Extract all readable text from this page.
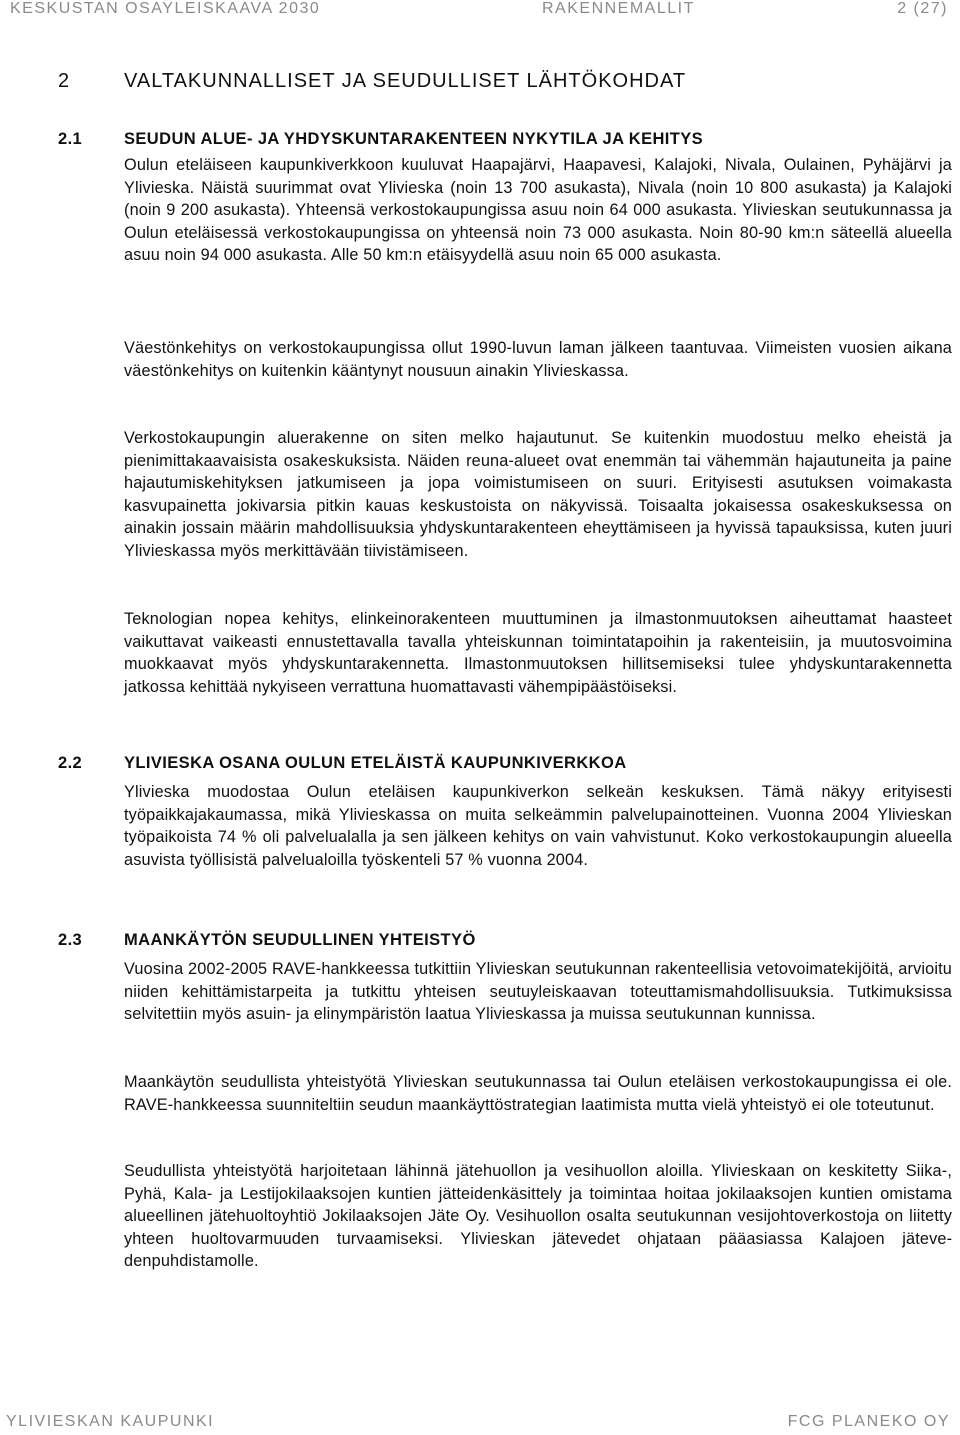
KESKUSTAN OSAYLEISKAAVA 2030	RAKENNEMALLIT	2 (27)
2	VALTAKUNNALLISET JA SEUDULLISET LÄHTÖKOHDAT
2.1	SEUDUN ALUE- JA YHDYSKUNTARAKENTEEN NYKYTILA JA KEHITYS

Oulun eteläiseen kaupunkiverkkoon kuuluvat Haapajärvi, Haapavesi, Kalajoki, Nivala, Oulainen, Pyhäjärvi ja Ylivieska. Näistä suurimmat ovat Ylivieska (noin 13 700 asukasta), Nivala (noin 10 800 asukasta) ja Kalajoki (noin 9 200 asukasta). Yhteensä verkostokaupungissa asuu noin 64 000 asukasta. Ylivieskan seutukunnassa ja Oulun eteläisessä verkostokaupungissa on yhteensä noin 73 000 asukasta. Noin 80-90 km:n säteellä alueella asuu noin 94 000 asukasta. Alle 50 km:n etäisyydellä asuu noin 65 000 asukasta.

Väestönkehitys on verkostokaupungissa ollut 1990-luvun laman jälkeen taantuvaa. Viimeisten vuosien aikana väestönkehitys on kuitenkin kääntynyt nousuun ainakin Ylivieskassa.

Verkostokaupungin aluerakenne on siten melko hajautunut. Se kuitenkin muodostuu melko eheistä ja pienimittakaavaisista osakeskuksista. Näiden reuna-alueet ovat enemmän tai vähemmän hajautuneita ja paine hajautumiskehityksen jatkumiseen ja jopa voimistumiseen on suuri. Erityisesti asutuksen voimakasta kasvupainetta jokivarsia pitkin kauas keskustoista on näkyvissä. Toisaalta jokaisessa osakeskuksessa on ainakin jossain määrin mahdollisuuksia yhdyskuntarakenteen eheyttämiseen ja hyvissä tapauksissa, kuten juuri Ylivieskassa myös merkittävään tiivistämiseen.

Teknologian nopea kehitys, elinkeinorakenteen muuttuminen ja ilmastonmuutoksen aiheuttamat haasteet vaikuttavat vaikeasti ennustettavalla tavalla yhteiskunnan toimintatapoihin ja rakenteisiin, ja muutosvoimina muokkaavat myös yhdyskuntarakennetta. Ilmastonmuutoksen hillitsemiseksi tulee yhdyskuntarakennetta jatkossa kehittää nykyiseen verrattuna huomattavasti vähempipäästöiseksi.

2.2	YLIVIESKA OSANA OULUN ETELÄISTÄ KAUPUNKIVERKKOA

Ylivieska muodostaa Oulun eteläisen kaupunkiverkon selkeän keskuksen. Tämä näkyy erityisesti työpaikkajakaumassa, mikä Ylivieskassa on muita selkeämmin palvelupainotteinen. Vuonna 2004 Ylivieskan työpaikoista 74 % oli palvelualalla ja sen jälkeen kehitys on vain vahvistunut. Koko verkostokaupungin alueella asuvista työllisistä palvelualoilla työskenteli 57 % vuonna 2004.

2.3	MAANKÄYTÖN SEUDULLINEN YHTEISTYÖ

Vuosina 2002-2005 RAVE-hankkeessa tutkittiin Ylivieskan seutukunnan rakenteellisia vetovoimatekijöitä, arvioitu niiden kehittämistarpeita ja tutkittu yhteisen seutuyleiskaavan toteuttamismahdollisuuksia. Tutkimuksissa selvitettiin myös asuin- ja elinympäristön laatua Ylivieskassa ja muissa seutukunnan kunnissa.

Maankäytön seudullista yhteistyötä Ylivieskan seutukunnassa tai Oulun eteläisen verkostokaupungissa ei ole. RAVE-hankkeessa suunniteltiin seudun maankäyttöstrategian laatimista mutta vielä yhteistyö ei ole toteutunut.

Seudullista yhteistyötä harjoitetaan lähinnä jätehuollon ja vesihuollon aloilla. Ylivieskaan on keskitetty Siika-, Pyhä, Kala- ja Lestijokilaaksojen kuntien jätteidenkäsittely ja toimintaa hoitaa jokilaaksojen kuntien omistama alueellinen jätehuoltoyhtiö Jokilaaksojen Jäte Oy. Vesihuollon osalta seutukunnan vesijohtoverkostoja on liitetty yhteen huoltovarmuuden turvaamiseksi. Ylivieskan jätevedet ohjataan pääasiassa Kalajoen jätevedenpuhdistamolle.

YLIVIESKAN KAUPUNKI	FCG PLANEKO OY
